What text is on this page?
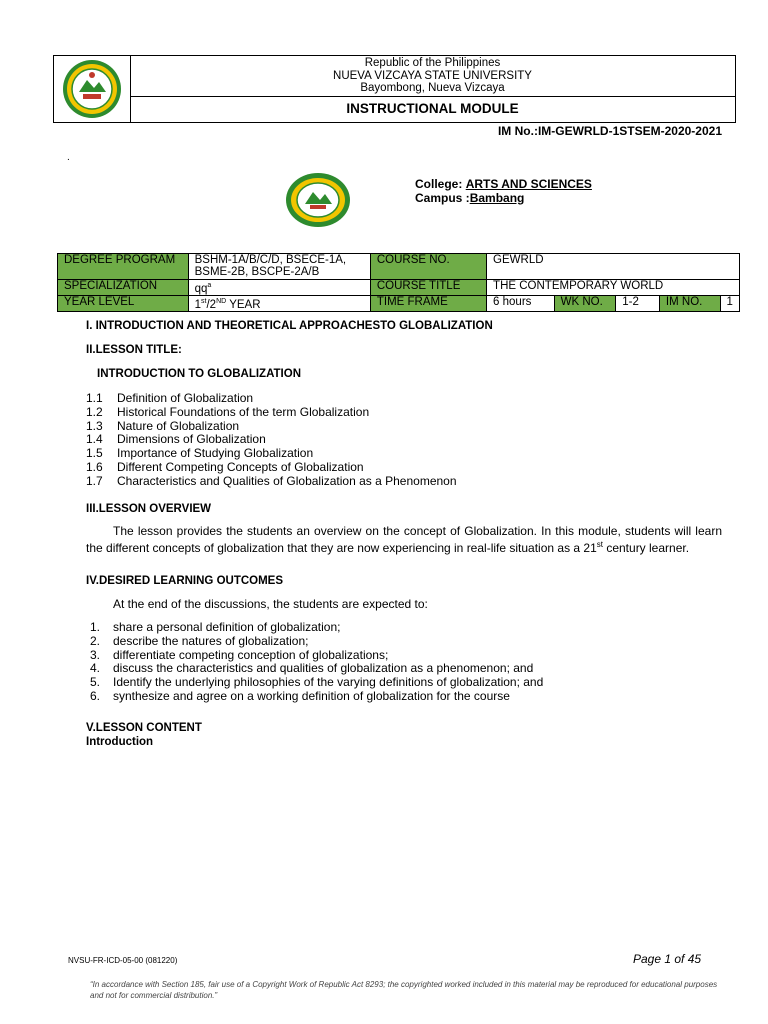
Republic of the Philippines
NUEVA VIZCAYA STATE UNIVERSITY
Bayombong, Nueva Vizcaya
INSTRUCTIONAL MODULE
IM No.:IM-GEWRLD-1STSEM-2020-2021
.
College: ARTS AND SCIENCES
Campus :Bambang
DEGREE PROGRAM	BSHM-1A/B/C/D, BSECE-1A, BSME-2B, BSCPE-2A/B	COURSE NO.	GEWRLD				
SPECIALIZATION	$qq^a$	COURSE TITLE	THE CONTEMPORARY WORLD				
YEAR LEVEL	1st/2ND YEAR	TIME FRAME	6 hours	WK NO.	1-2	IM NO.	1
I. INTRODUCTION AND THEORETICAL APPROACHESTO GLOBALIZATION
II.LESSON TITLE:
INTRODUCTION TO GLOBALIZATION
1.1 Definition of Globalization
1.2 Historical Foundations of the term Globalization
1.3 Nature of Globalization
1.4 Dimensions of Globalization
1.5 Importance of Studying Globalization
1.6 Different Competing Concepts of Globalization
1.7 Characteristics and Qualities of Globalization as a Phenomenon
III.LESSON OVERVIEW
The lesson provides the students an overview on the concept of Globalization. In this module, students will learn the different concepts of globalization that they are now experiencing in real-life situation as a 21st century learner.
IV.DESIRED LEARNING OUTCOMES
At the end of the discussions, the students are expected to:
1. share a personal definition of globalization;
2. describe the natures of globalization;
3. differentiate competing conception of globalizations;
4. discuss the characteristics and qualities of globalization as a phenomenon; and
5. Identify the underlying philosophies of the varying definitions of globalization; and
6. synthesize and agree on a working definition of globalization for the course
V.LESSON CONTENT
Introduction
NVSU-FR-ICD-05-00 (081220)	Page 1 of 45
“In accordance with Section 185, fair use of a Copyright Work of Republic Act 8293; the copyrighted worked included in this material may be reproduced for educational purposes and not for commercial distribution.”
